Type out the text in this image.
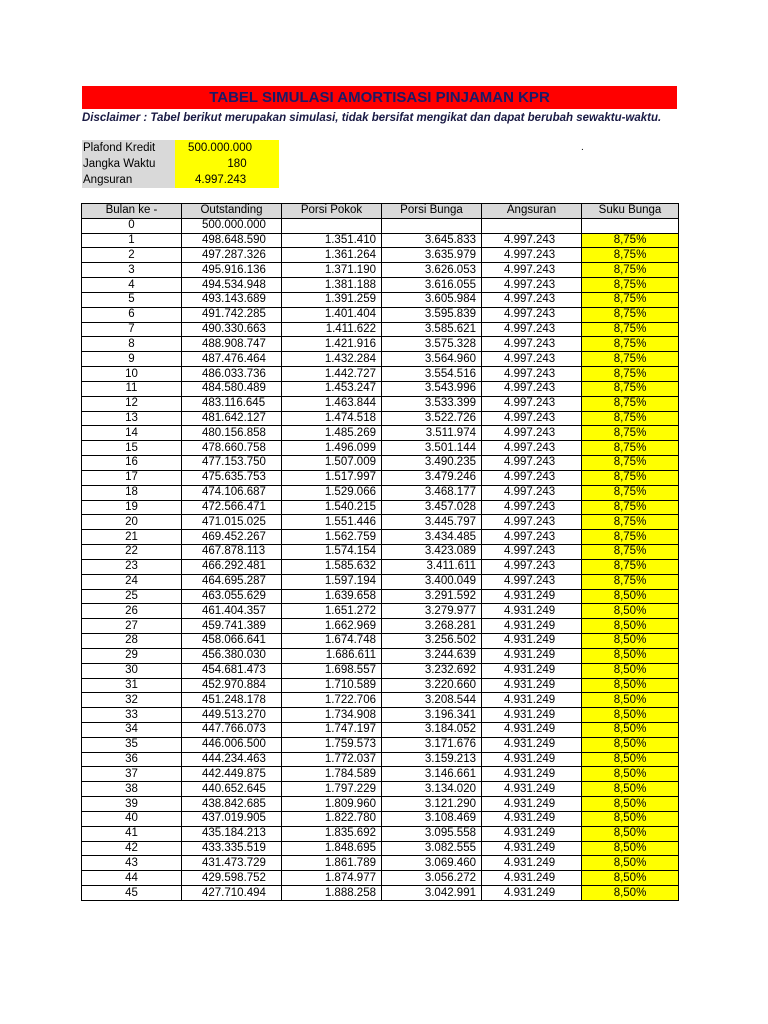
TABEL SIMULASI AMORTISASI PINJAMAN KPR
Disclaimer : Tabel berikut merupakan simulasi, tidak bersifat mengikat dan dapat berubah sewaktu-waktu.
Plafond Kredit	500.000.000
Jangka Waktu	180
Angsuran	4.997.243
.
Bulan ke -	Outstanding	Porsi Pokok	Porsi Bunga	Angsuran	Suku Bunga
0	500.000.000				
1	498.648.590	1.351.410	3.645.833	4.997.243	8,75%
2	497.287.326	1.361.264	3.635.979	4.997.243	8,75%
3	495.916.136	1.371.190	3.626.053	4.997.243	8,75%
4	494.534.948	1.381.188	3.616.055	4.997.243	8,75%
5	493.143.689	1.391.259	3.605.984	4.997.243	8,75%
6	491.742.285	1.401.404	3.595.839	4.997.243	8,75%
7	490.330.663	1.411.622	3.585.621	4.997.243	8,75%
8	488.908.747	1.421.916	3.575.328	4.997.243	8,75%
9	487.476.464	1.432.284	3.564.960	4.997.243	8,75%
10	486.033.736	1.442.727	3.554.516	4.997.243	8,75%
11	484.580.489	1.453.247	3.543.996	4.997.243	8,75%
12	483.116.645	1.463.844	3.533.399	4.997.243	8,75%
13	481.642.127	1.474.518	3.522.726	4.997.243	8,75%
14	480.156.858	1.485.269	3.511.974	4.997.243	8,75%
15	478.660.758	1.496.099	3.501.144	4.997.243	8,75%
16	477.153.750	1.507.009	3.490.235	4.997.243	8,75%
17	475.635.753	1.517.997	3.479.246	4.997.243	8,75%
18	474.106.687	1.529.066	3.468.177	4.997.243	8,75%
19	472.566.471	1.540.215	3.457.028	4.997.243	8,75%
20	471.015.025	1.551.446	3.445.797	4.997.243	8,75%
21	469.452.267	1.562.759	3.434.485	4.997.243	8,75%
22	467.878.113	1.574.154	3.423.089	4.997.243	8,75%
23	466.292.481	1.585.632	3.411.611	4.997.243	8,75%
24	464.695.287	1.597.194	3.400.049	4.997.243	8,75%
25	463.055.629	1.639.658	3.291.592	4.931.249	8,50%
26	461.404.357	1.651.272	3.279.977	4.931.249	8,50%
27	459.741.389	1.662.969	3.268.281	4.931.249	8,50%
28	458.066.641	1.674.748	3.256.502	4.931.249	8,50%
29	456.380.030	1.686.611	3.244.639	4.931.249	8,50%
30	454.681.473	1.698.557	3.232.692	4.931.249	8,50%
31	452.970.884	1.710.589	3.220.660	4.931.249	8,50%
32	451.248.178	1.722.706	3.208.544	4.931.249	8,50%
33	449.513.270	1.734.908	3.196.341	4.931.249	8,50%
34	447.766.073	1.747.197	3.184.052	4.931.249	8,50%
35	446.006.500	1.759.573	3.171.676	4.931.249	8,50%
36	444.234.463	1.772.037	3.159.213	4.931.249	8,50%
37	442.449.875	1.784.589	3.146.661	4.931.249	8,50%
38	440.652.645	1.797.229	3.134.020	4.931.249	8,50%
39	438.842.685	1.809.960	3.121.290	4.931.249	8,50%
40	437.019.905	1.822.780	3.108.469	4.931.249	8,50%
41	435.184.213	1.835.692	3.095.558	4.931.249	8,50%
42	433.335.519	1.848.695	3.082.555	4.931.249	8,50%
43	431.473.729	1.861.789	3.069.460	4.931.249	8,50%
44	429.598.752	1.874.977	3.056.272	4.931.249	8,50%
45	427.710.494	1.888.258	3.042.991	4.931.249	8,50%
